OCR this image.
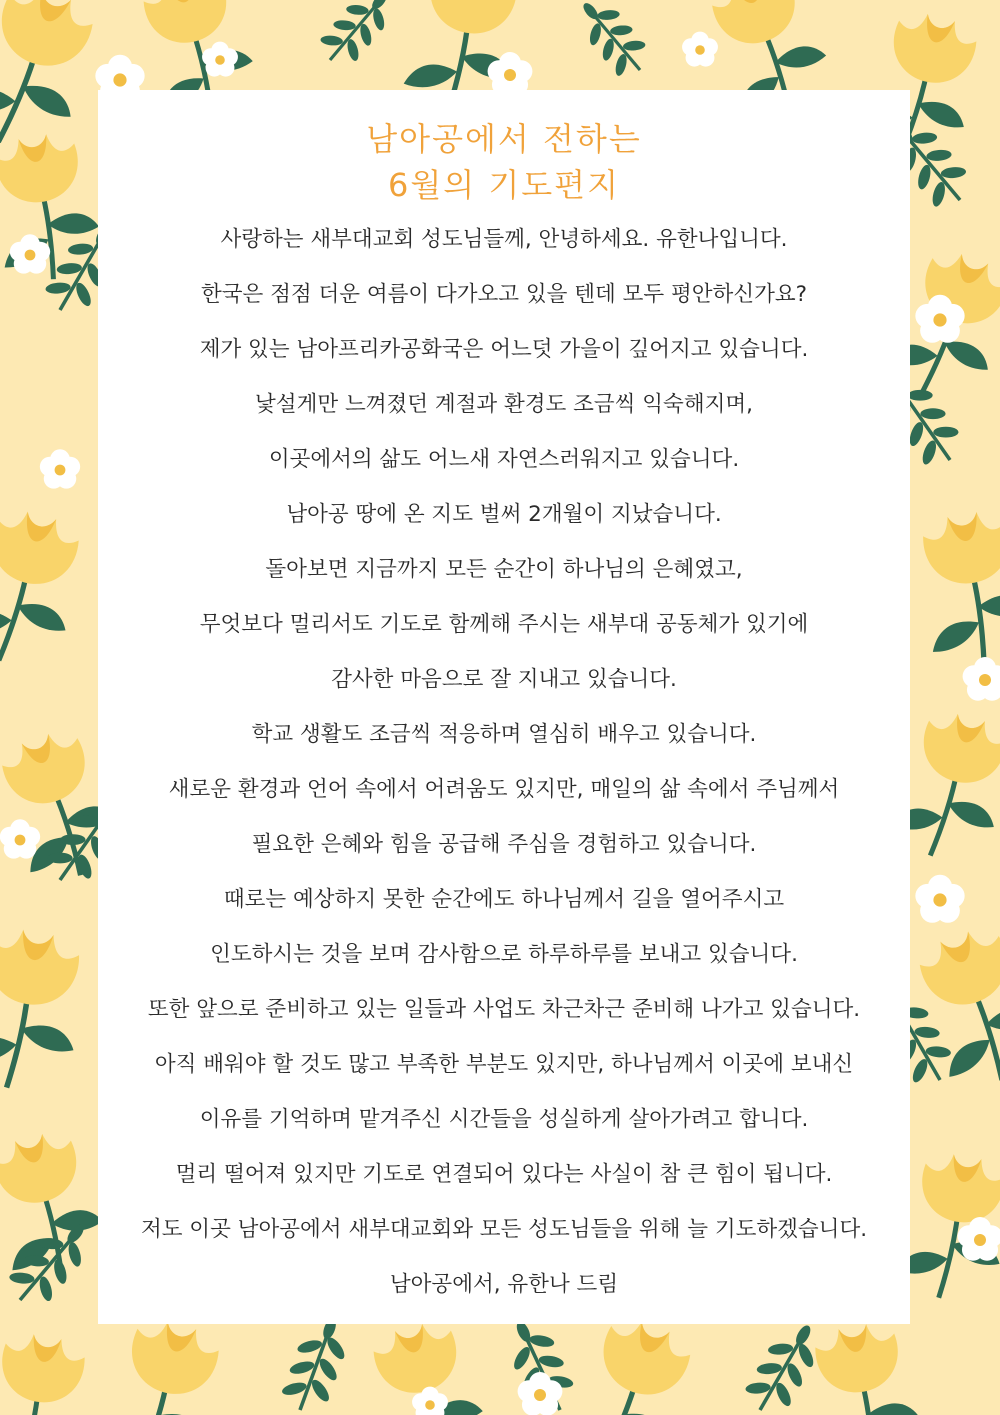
남아공에서 전하는
6월의 기도편지

사랑하는 새부대교회 성도님들께, 안녕하세요. 유한나입니다.

한국은 점점 더운 여름이 다가오고 있을 텐데 모두 평안하신가요?

제가 있는 남아프리카공화국은 어느덧 가을이 깊어지고 있습니다.

낯설게만 느껴졌던 계절과 환경도 조금씩 익숙해지며,

이곳에서의 삶도 어느새 자연스러워지고 있습니다.

남아공 땅에 온 지도 벌써 2개월이 지났습니다.

돌아보면 지금까지 모든 순간이 하나님의 은혜였고,

무엇보다 멀리서도 기도로 함께해 주시는 새부대 공동체가 있기에

감사한 마음으로 잘 지내고 있습니다.

학교 생활도 조금씩 적응하며 열심히 배우고 있습니다.

새로운 환경과 언어 속에서 어려움도 있지만, 매일의 삶 속에서 주님께서

필요한 은혜와 힘을 공급해 주심을 경험하고 있습니다.

때로는 예상하지 못한 순간에도 하나님께서 길을 열어주시고

인도하시는 것을 보며 감사함으로 하루하루를 보내고 있습니다.

또한 앞으로 준비하고 있는 일들과 사업도 차근차근 준비해 나가고 있습니다.

아직 배워야 할 것도 많고 부족한 부분도 있지만, 하나님께서 이곳에 보내신

이유를 기억하며 맡겨주신 시간들을 성실하게 살아가려고 합니다.

멀리 떨어져 있지만 기도로 연결되어 있다는 사실이 참 큰 힘이 됩니다.

저도 이곳 남아공에서 새부대교회와 모든 성도님들을 위해 늘 기도하겠습니다.

남아공에서, 유한나 드림
